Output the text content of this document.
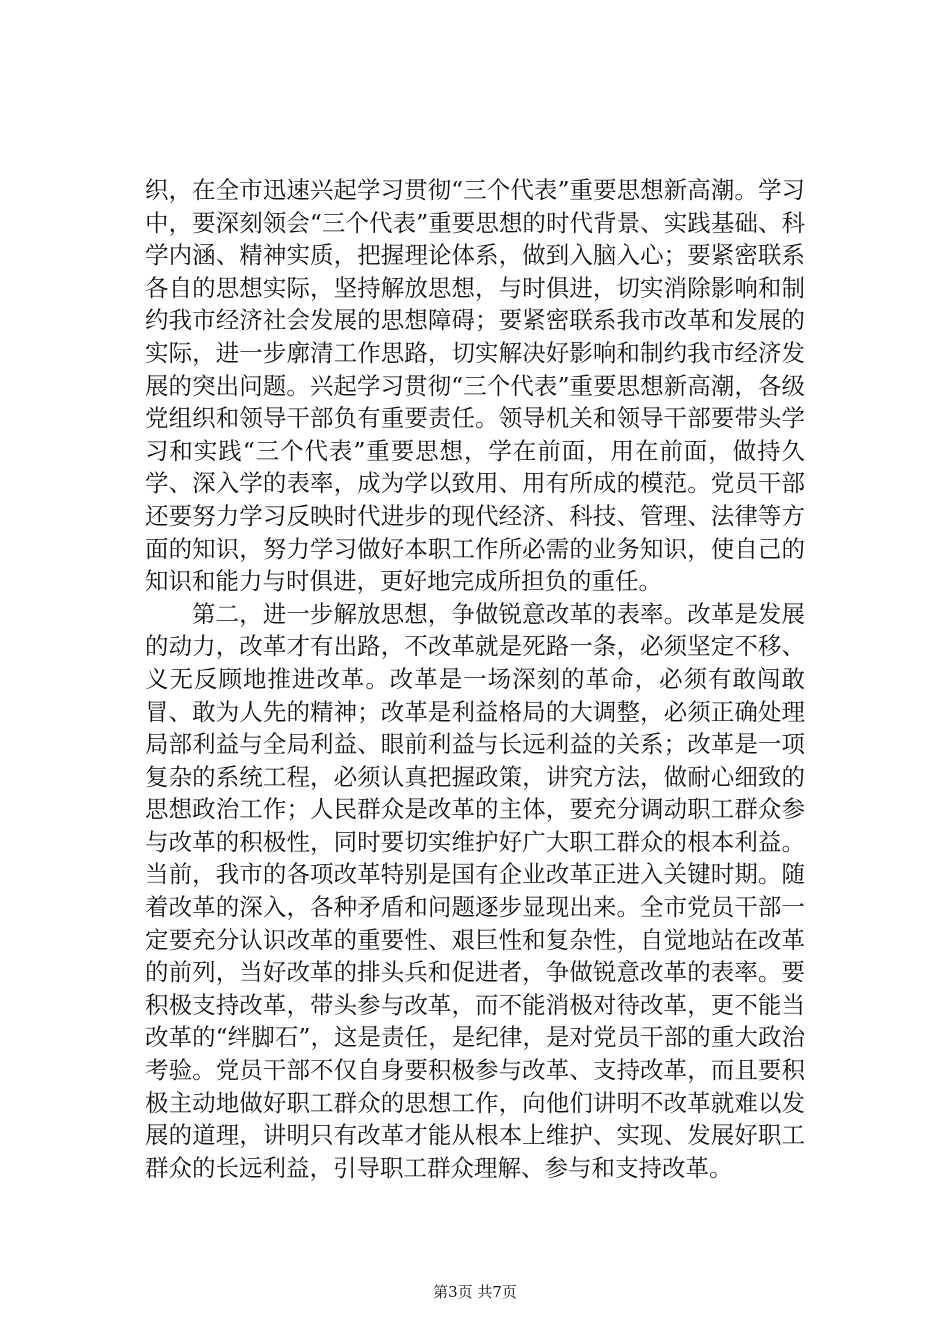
织，在全市迅速兴起学习贯彻“三个代表”重要思想新高潮。学习中，要深刻领会“三个代表”重要思想的时代背景、实践基础、科学内涵、精神实质，把握理论体系，做到入脑入心；要紧密联系各自的思想实际，坚持解放思想，与时俱进，切实消除影响和制约我市经济社会发展的思想障碍；要紧密联系我市改革和发展的实际，进一步廓清工作思路，切实解决好影响和制约我市经济发展的突出问题。兴起学习贯彻“三个代表”重要思想新高潮，各级党组织和领导干部负有重要责任。领导机关和领导干部要带头学习和实践“三个代表”重要思想，学在前面，用在前面，做持久学、深入学的表率，成为学以致用、用有所成的模范。党员干部还要努力学习反映时代进步的现代经济、科技、管理、法律等方面的知识，努力学习做好本职工作所必需的业务知识，使自己的知识和能力与时俱进，更好地完成所担负的重任。

第二，进一步解放思想，争做锐意改革的表率。改革是发展的动力，改革才有出路，不改革就是死路一条，必须坚定不移、义无反顾地推进改革。改革是一场深刻的革命，必须有敢闯敢冒、敢为人先的精神；改革是利益格局的大调整，必须正确处理局部利益与全局利益、眼前利益与长远利益的关系；改革是一项复杂的系统工程，必须认真把握政策，讲究方法，做耐心细致的思想政治工作；人民群众是改革的主体，要充分调动职工群众参与改革的积极性，同时要切实维护好广大职工群众的根本利益。当前，我市的各项改革特别是国有企业改革正进入关键时期。随着改革的深入，各种矛盾和问题逐步显现出来。全市党员干部一定要充分认识改革的重要性、艰巨性和复杂性，自觉地站在改革的前列，当好改革的排头兵和促进者，争做锐意改革的表率。要积极支持改革，带头参与改革，而不能消极对待改革，更不能当改革的“绊脚石”，这是责任，是纪律，是对党员干部的重大政治考验。党员干部不仅自身要积极参与改革、支持改革，而且要积极主动地做好职工群众的思想工作，向他们讲明不改革就难以发展的道理，讲明只有改革才能从根本上维护、实现、发展好职工群众的长远利益，引导职工群众理解、参与和支持改革。

第3页 共7页
